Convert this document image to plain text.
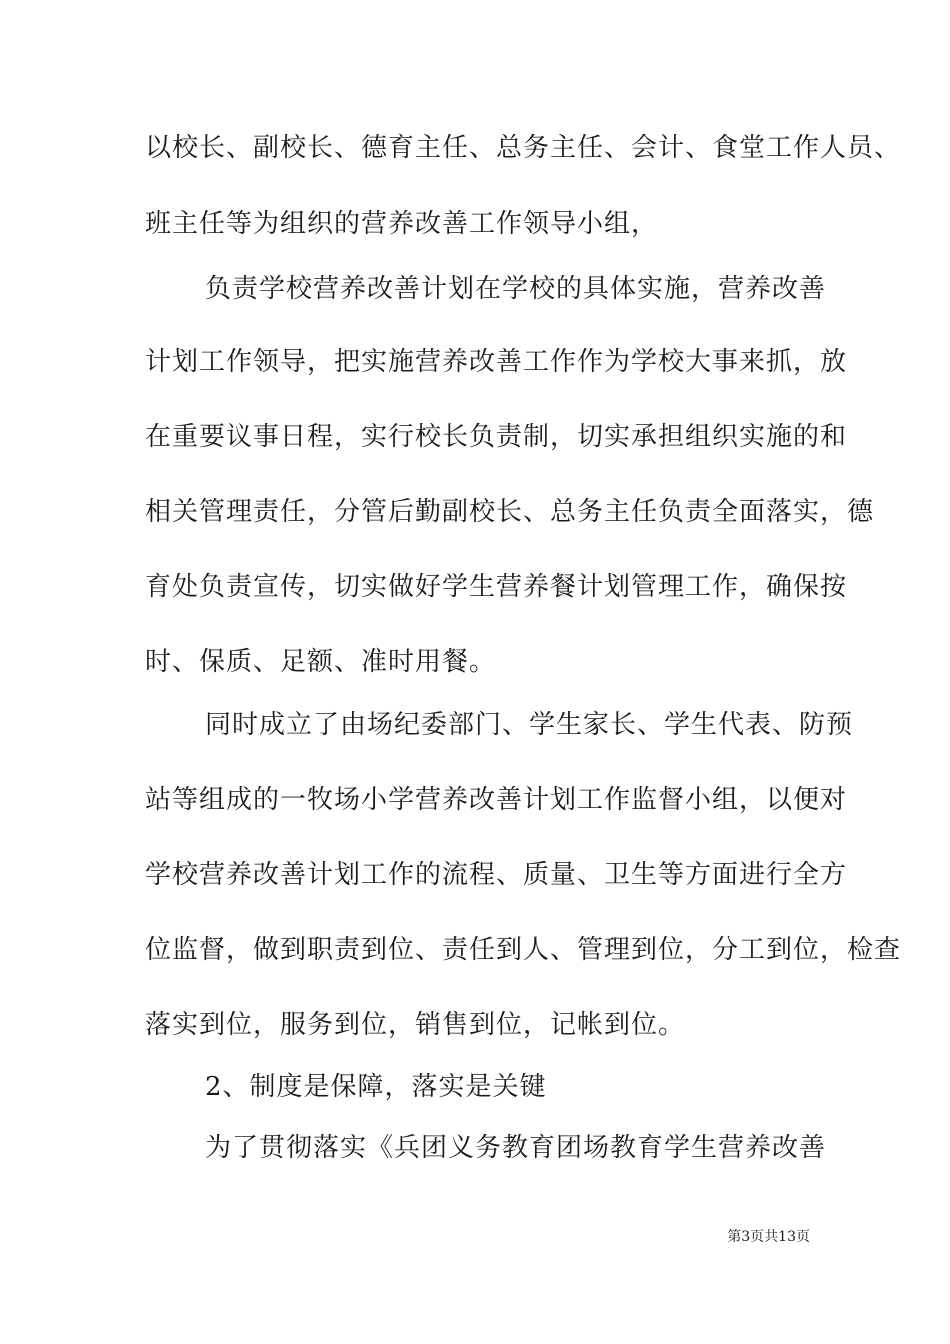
以校长、副校长、德育主任、总务主任、会计、食堂工作人员、
班主任等为组织的营养改善工作领导小组，
负责学校营养改善计划在学校的具体实施，营养改善
计划工作领导，把实施营养改善工作作为学校大事来抓，放
在重要议事日程，实行校长负责制，切实承担组织实施的和
相关管理责任，分管后勤副校长、总务主任负责全面落实，德
育处负责宣传，切实做好学生营养餐计划管理工作，确保按
时、保质、足额、准时用餐。
同时成立了由场纪委部门、学生家长、学生代表、防预
站等组成的一牧场小学营养改善计划工作监督小组，以便对
学校营养改善计划工作的流程、质量、卫生等方面进行全方
位监督，做到职责到位、责任到人、管理到位，分工到位，检查
落实到位，服务到位，销售到位，记帐到位。
2、制度是保障，落实是关键
为了贯彻落实《兵团义务教育团场教育学生营养改善
第3页共13页
